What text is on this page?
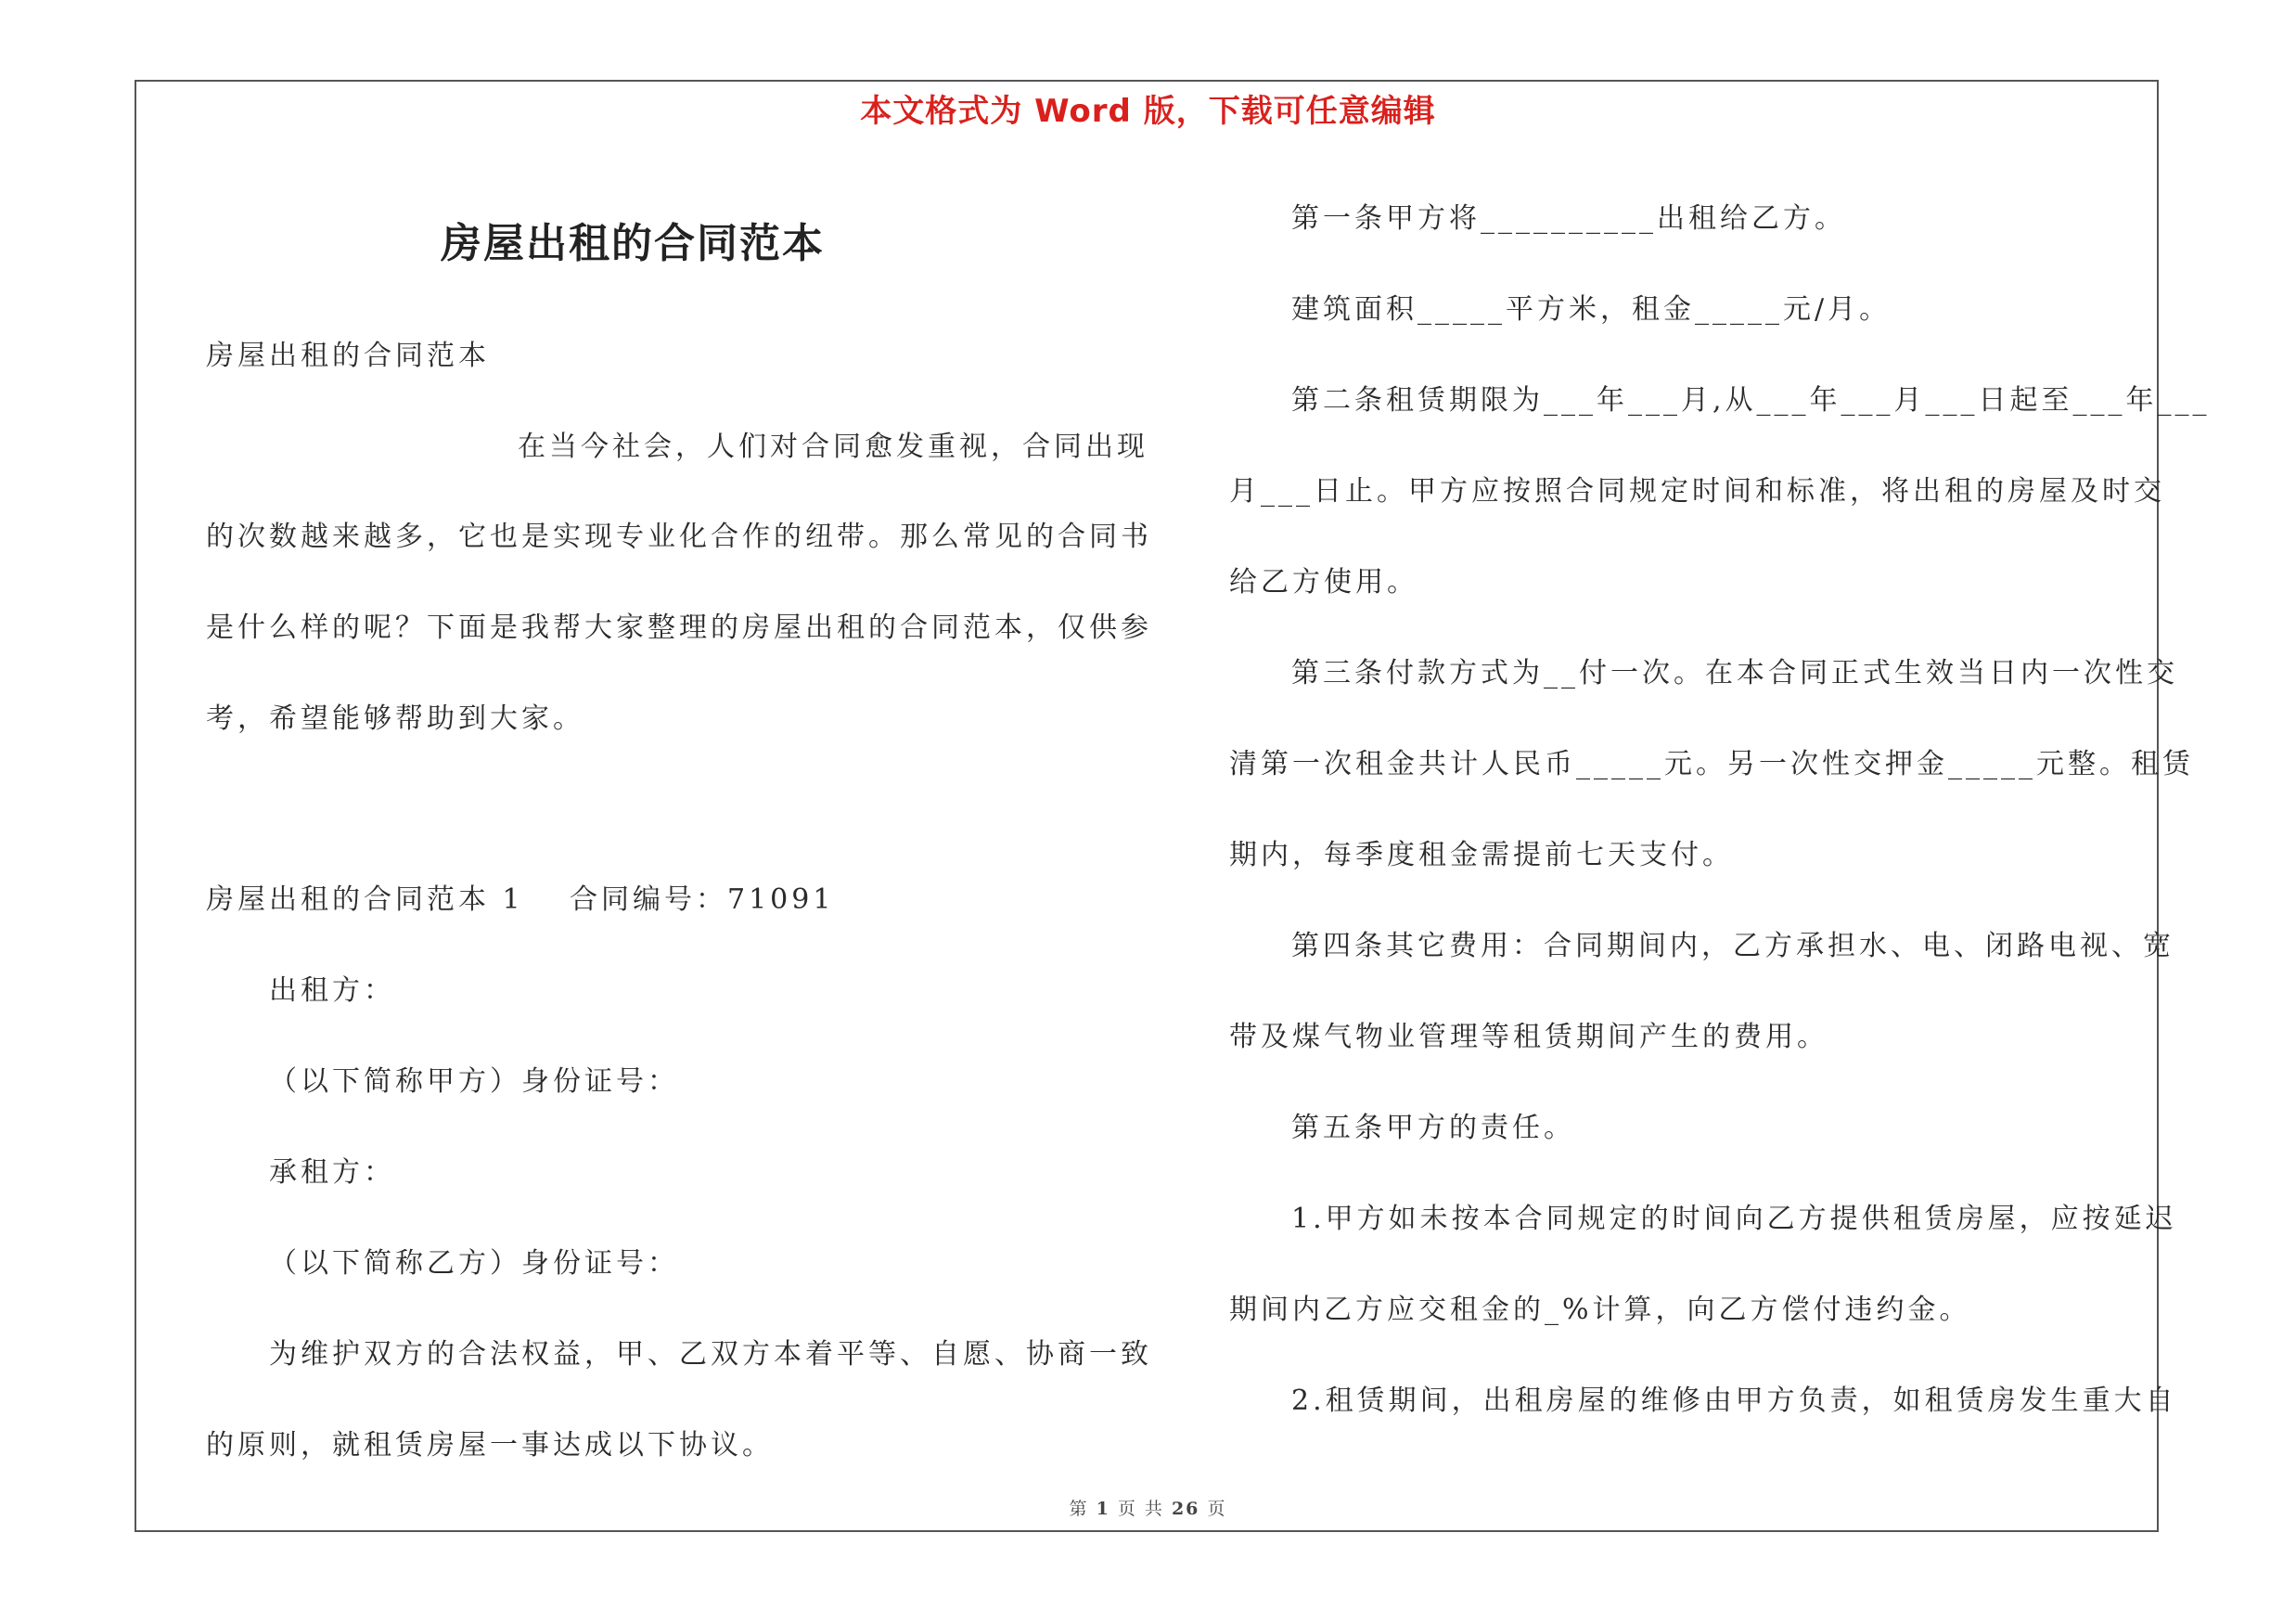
本文格式为 Word 版，下载可任意编辑
房屋出租的合同范本
房屋出租的合同范本
在当今社会，人们对合同愈发重视，合同出现
的次数越来越多，它也是实现专业化合作的纽带。那么常见的合同书
是什么样的呢？下面是我帮大家整理的房屋出租的合同范本，仅供参
考，希望能够帮助到大家。
房屋出租的合同范本 1 合同编号：71091
出租方：
（以下简称甲方）身份证号：
承租方：
（以下简称乙方）身份证号：
为维护双方的合法权益，甲、乙双方本着平等、自愿、协商一致
的原则，就租赁房屋一事达成以下协议。
第一条甲方将__________出租给乙方。
建筑面积_____平方米，租金_____元/月。
第二条租赁期限为___年___月,从___年___月___日起至___年___
月___日止。甲方应按照合同规定时间和标准，将出租的房屋及时交
给乙方使用。
第三条付款方式为__付一次。在本合同正式生效当日内一次性交
清第一次租金共计人民币_____元。另一次性交押金_____元整。租赁
期内，每季度租金需提前七天支付。
第四条其它费用：合同期间内，乙方承担水、电、闭路电视、宽
带及煤气物业管理等租赁期间产生的费用。
第五条甲方的责任。
1.甲方如未按本合同规定的时间向乙方提供租赁房屋，应按延迟
期间内乙方应交租金的_%计算，向乙方偿付违约金。
2.租赁期间，出租房屋的维修由甲方负责，如租赁房发生重大自
第 1 页 共 26 页
